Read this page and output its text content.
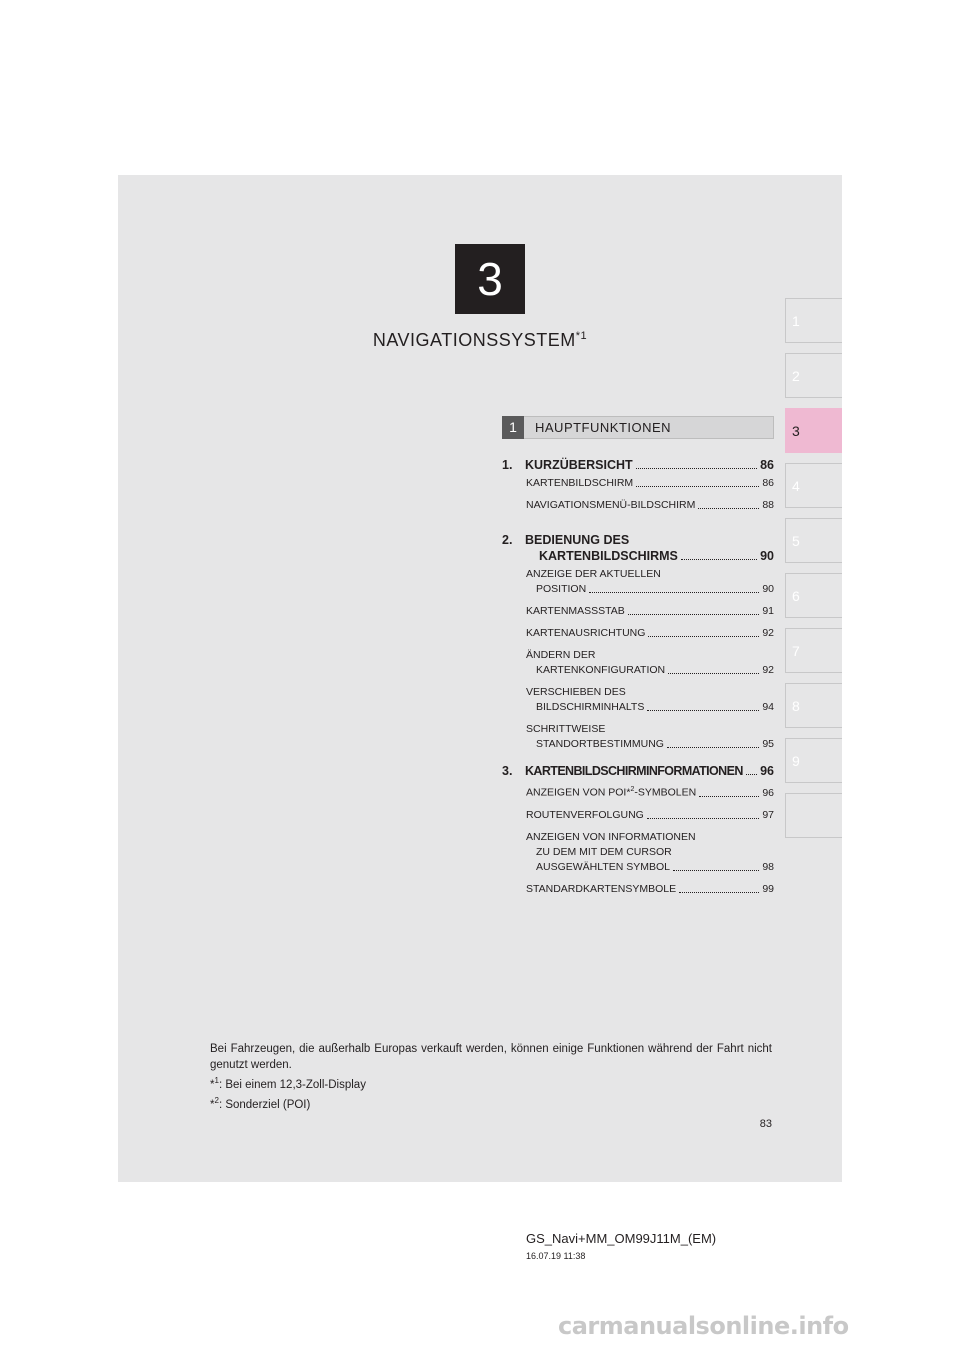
3
NAVIGATIONSSYSTEM$^{*1}$
1
2
3
4
5
6
7
8
9
1	HAUPTFUNKTIONEN
1.	KURZÜBERSICHT	86
KARTENBILDSCHIRM	86
NAVIGATIONSMENÜ-BILDSCHIRM	88
2.	BEDIENUNG DES
KARTENBILDSCHIRMS	90
ANZEIGE DER AKTUELLEN
POSITION	90
KARTENMASSSTAB	91
KARTENAUSRICHTUNG	92
ÄNDERN DER
KARTENKONFIGURATION	92
VERSCHIEBEN DES
BILDSCHIRMINHALTS	94
SCHRITTWEISE
STANDORTBESTIMMUNG	95
3.	KARTENBILDSCHIRMINFORMATIONEN 96
ANZEIGEN VON POI*$^2$-SYMBOLEN	96
ROUTENVERFOLGUNG	97
ANZEIGEN VON INFORMATIONEN
ZU DEM MIT DEM CURSOR
AUSGEWÄHLTEN SYMBOL	98
STANDARDKARTENSYMBOLE	99
Bei Fahrzeugen, die außerhalb Europas verkauft werden, können einige Funktionen während der Fahrt nicht genutzt werden.
*$^1$: Bei einem 12,3-Zoll-Display
*$^2$: Sonderziel (POI)
83
GS_Navi+MM_OM99J11M_(EM)
16.07.19 11:38
carmanualsonline.info
